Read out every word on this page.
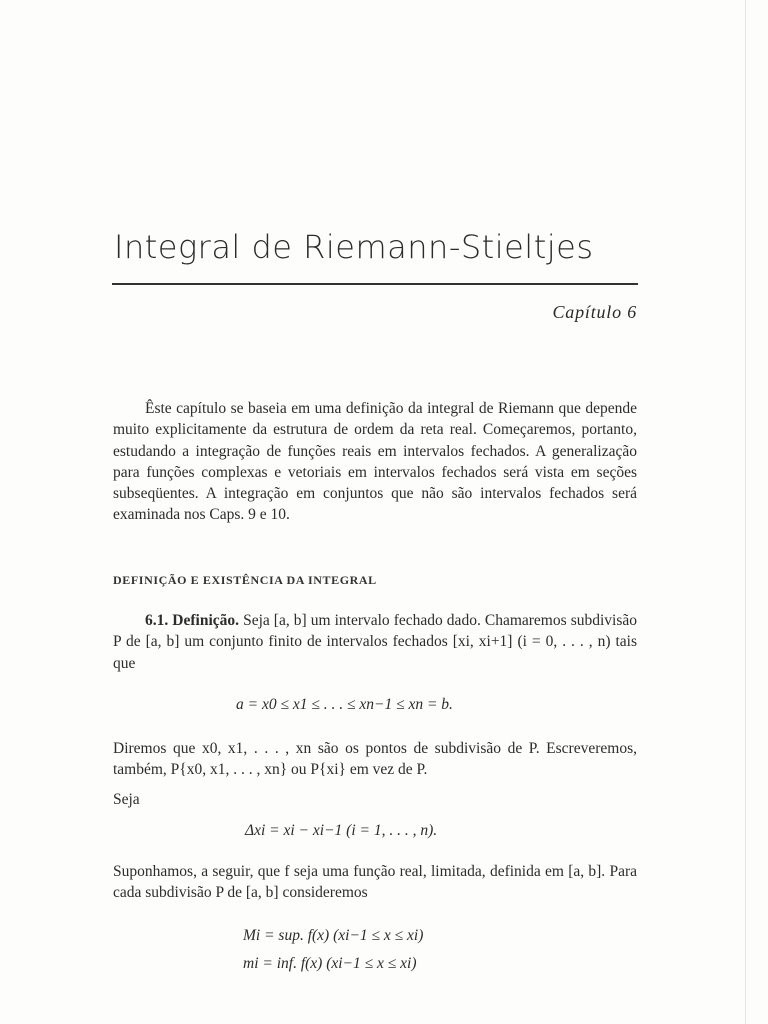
Integral de Riemann-Stieltjes
Capítulo 6

Êste capítulo se baseia em uma definição da integral de Riemann que depende muito explicitamente da estrutura de ordem da reta real. Começaremos, portanto, estudando a integração de funções reais em intervalos fechados. A generalização para funções complexas e vetoriais em intervalos fechados será vista em seções subseqüentes. A integração em conjuntos que não são intervalos fechados será examinada nos Caps. 9 e 10.

DEFINIÇÃO E EXISTÊNCIA DA INTEGRAL

6.1. Definição. Seja [a, b] um intervalo fechado dado. Chamaremos subdivisão P de [a, b] um conjunto finito de intervalos fechados [xi, xi+1] (i = 0, . . . , n) tais que

a = x0 ≤ x1 ≤ . . . ≤ xn−1 ≤ xn = b.

Diremos que x0, x1, . . . , xn são os pontos de subdivisão de P. Escreveremos, também, P{x0, x1, . . . , xn} ou P{xi} em vez de P.

Seja

Δxi = xi − xi−1 (i = 1, . . . , n).

Suponhamos, a seguir, que f seja uma função real, limitada, definida em [a, b]. Para cada subdivisão P de [a, b] consideremos

Mi = sup. f(x) (xi−1 ≤ x ≤ xi)
mi = inf. f(x) (xi−1 ≤ x ≤ xi)
